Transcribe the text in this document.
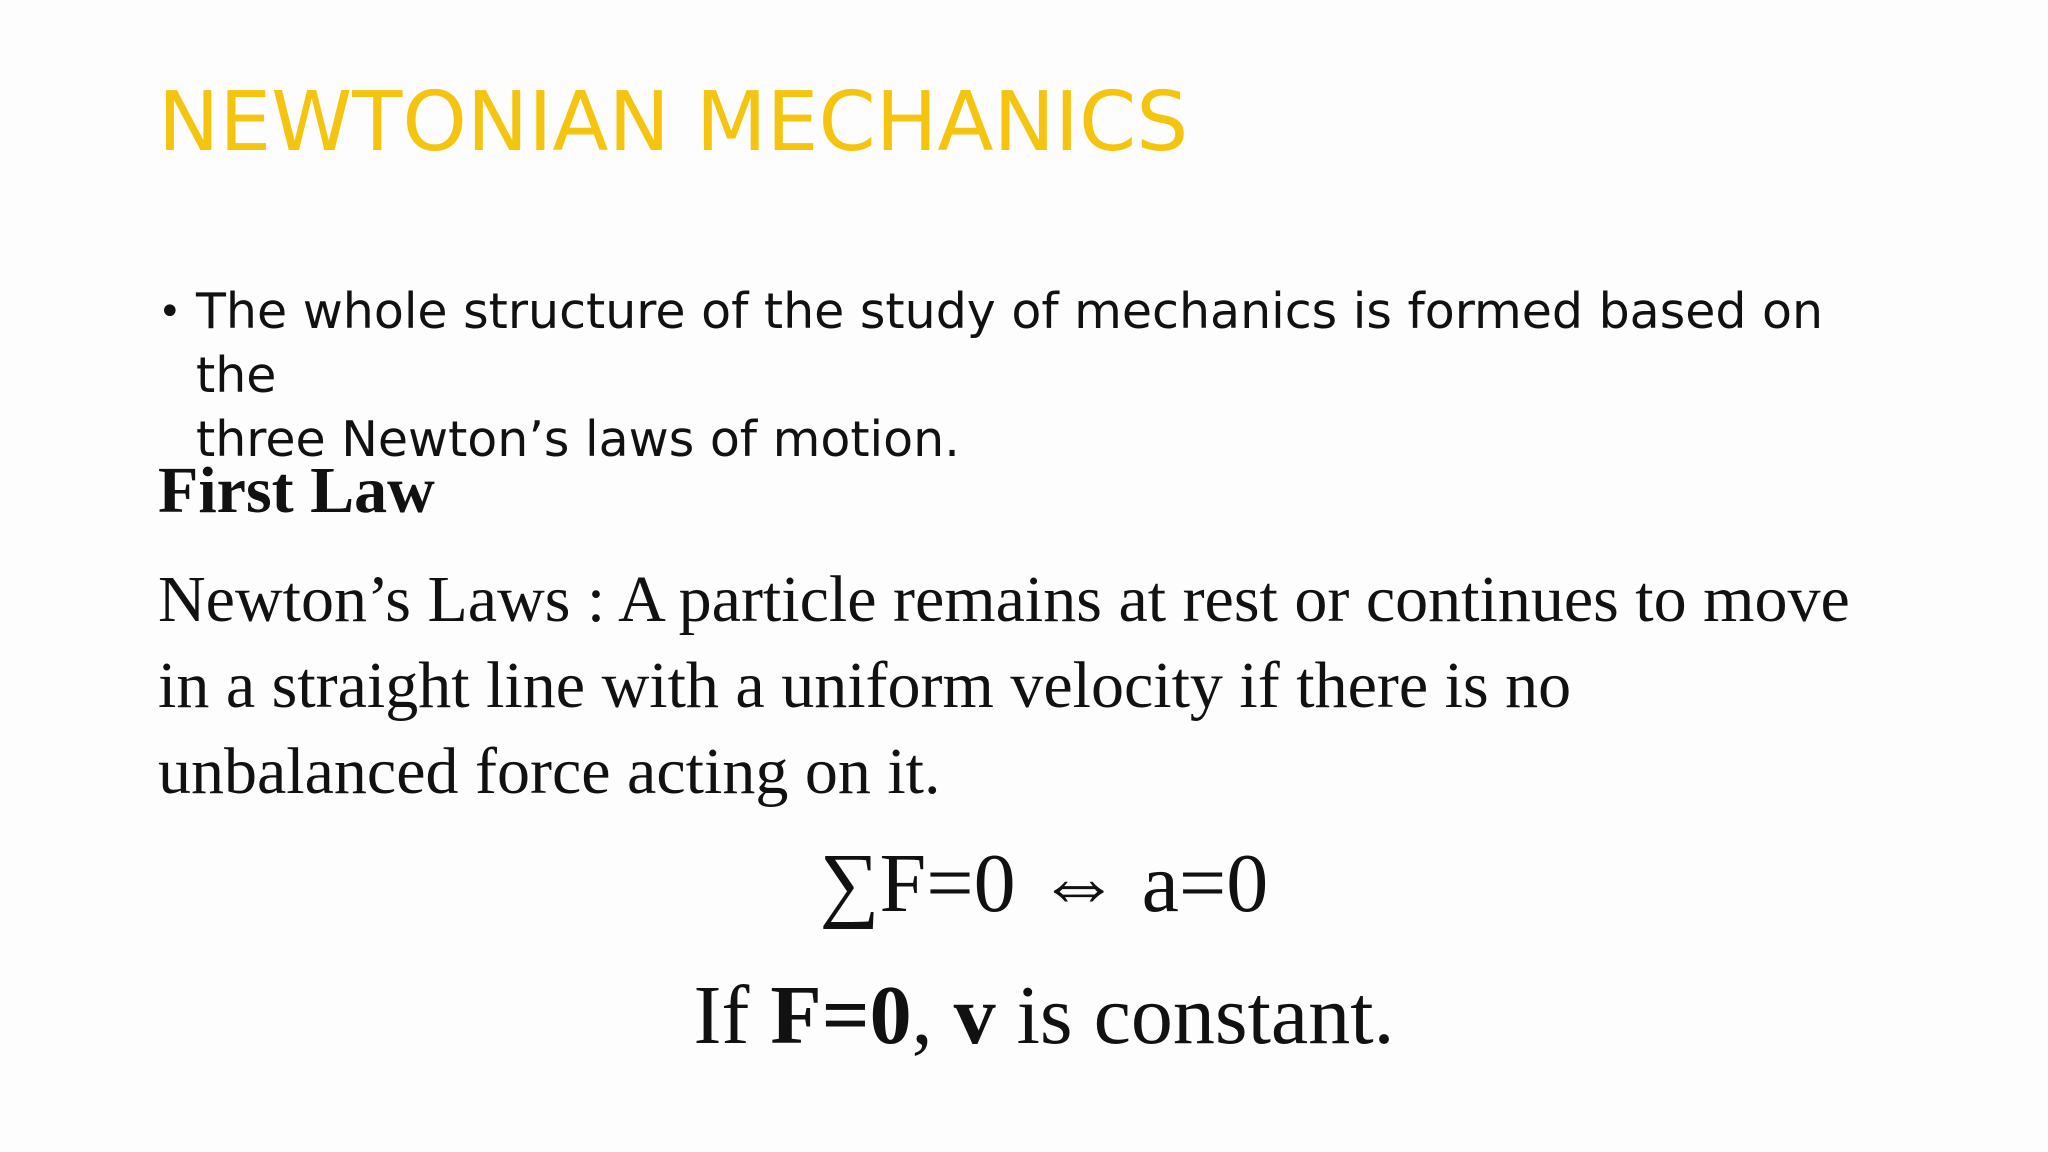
NEWTONIAN MECHANICS
• The whole structure of the study of mechanics is formed based on the
three Newton’s laws of motion.
First Law
Newton’s Laws : A particle remains at rest or continues to move
in a straight line with a uniform velocity if there is no
unbalanced force acting on it.
∑F=0 ⇔ a=0
If F=0, v is constant.
